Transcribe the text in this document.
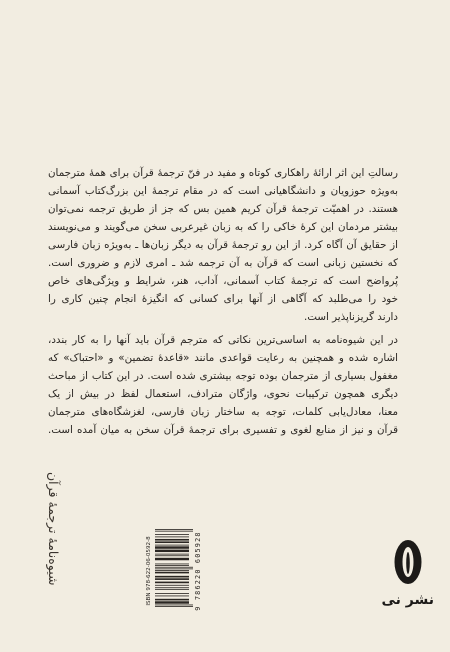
رسالتِ این اثر ارائهٔ راهکاری کوتاه و مفید در فنّ ترجمهٔ قرآن برای همهٔ مترجمان
به‌ویژه حوزویان و دانشگاهیانی است که در مقام ترجمهٔ این بزرگ‌کتاب آسمانی
هستند. در اهمیّت ترجمهٔ قرآن کریم همین بس که جز از طریق ترجمه نمی‌توان
بیشتر مردمان این کرهٔ خاکی را که به زبان غیرعربی سخن می‌گویند و می‌نویسند
از حقایق آن آگاه کرد. از این رو ترجمهٔ قرآن به دیگر زبان‌ها ـ به‌ویژه زبان فارسی
که نخستین زبانی است که قرآن به آن ترجمه شد ـ امری لازم و ضروری است.
پُرواضح است که ترجمهٔ کتاب آسمانی، آداب، هنر، شرایط و ویژگی‌های خاص
خود را می‌طلبد که آگاهی از آنها برای کسانی که انگیزهٔ انجام چنین کاری را
دارند گریزناپذیر است.
در این شیوه‌نامه به اساسی‌ترین نکاتی که مترجم قرآن باید آنها را به کار بندد،
اشاره شده و همچنین به رعایت قواعدی مانند «قاعدهٔ تضمین» و «احتباک» که
مغفول بسیاری از مترجمان بوده توجه بیشتری شده است. در این کتاب از مباحث
دیگری همچون ترکیبات نحوی، واژگان مترادف، استعمال لفظ در بیش از یک
معنا، معادل‌یابی کلمات، توجه به ساختار زبان فارسی، لغزشگاه‌های مترجمان
قرآن و نیز از منابع لغوی و تفسیری برای ترجمهٔ قرآن سخن به میان آمده است.
شیوه‌نامهٔ ترجمهٔ قرآن	ISBN 978-622-06-0592-8	9 786220 605928	نشر نی
